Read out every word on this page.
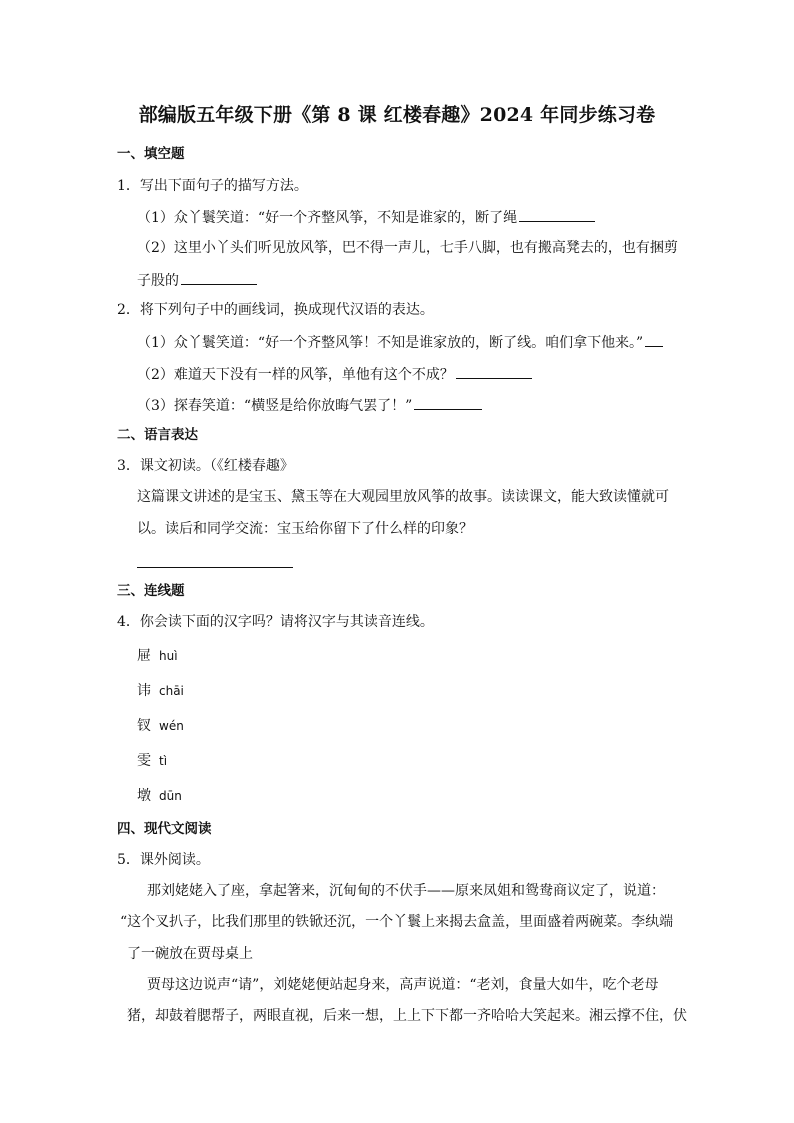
部编版五年级下册《第 8 课 红楼春趣》2024 年同步练习卷
一、填空题
1．写出下面句子的描写方法。
（1）众丫鬟笑道：“好一个齐整风筝，不知是谁家的，断了绳
（2）这里小丫头们听见放风筝，巴不得一声儿，七手八脚，也有搬高凳去的，也有捆剪
子股的
2．将下列句子中的画线词，换成现代汉语的表达。
（1）众丫鬟笑道：“好一个齐整风筝！不知是谁家放的，断了线。咱们拿下他来。”
（2）难道天下没有一样的风筝，单他有这个不成？
（3）探春笑道：“横竖是给你放晦气罢了！”
二、语言表达
3．课文初读。（《红楼春趣》
这篇课文讲述的是宝玉、黛玉等在大观园里放风筝的故事。读读课文，能大致读懂就可
以。读后和同学交流：宝玉给你留下了什么样的印象？
三、连线题
4．你会读下面的汉字吗？请将汉字与其读音连线。
屉 huì
讳 chāi
钗 wén
雯 tì
墩 dūn
四、现代文阅读
5．课外阅读。
那刘姥姥入了座，拿起箸来，沉甸甸的不伏手——原来凤姐和鸳鸯商议定了，说道：
“这个叉扒子，比我们那里的铁锨还沉，一个丫鬟上来揭去盒盖，里面盛着两碗菜。李纨端
了一碗放在贾母桌上
贾母这边说声“请”，刘姥姥便站起身来，高声说道：“老刘，食量大如牛，吃个老母
猪，却鼓着腮帮子，两眼直视，后来一想，上上下下都一齐哈哈大笑起来。湘云撑不住，伏
